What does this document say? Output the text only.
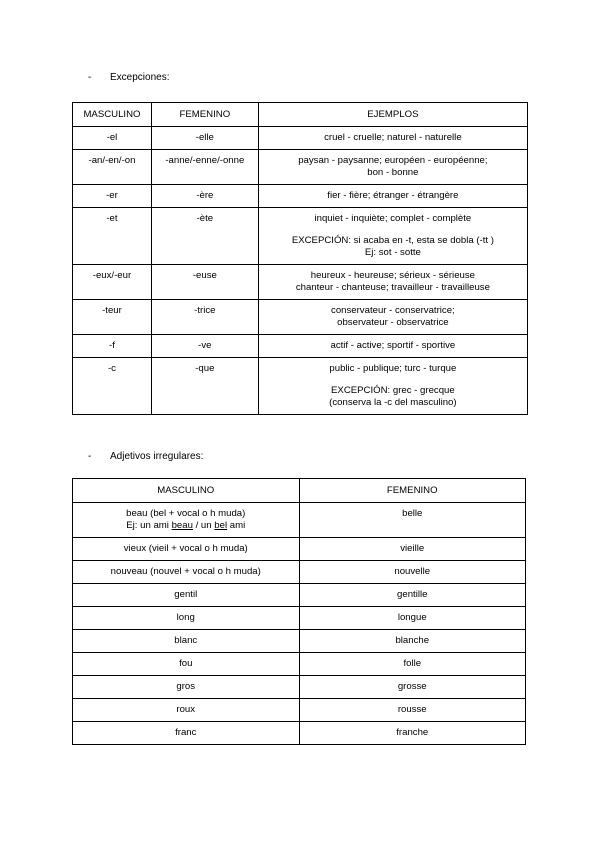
- Excepciones:
MASCULINO	FEMENINO	EJEMPLOS
-el	-elle	cruel - cruelle; naturel - naturelle
-an/-en/-on	-anne/-enne/-onne	paysan - paysanne; européen - européenne;
bon - bonne
-er	-ère	fier - fière; étranger - étrangère
-et	-ète	inquiet - inquiète; complet - complète
EXCEPCIÓN: si acaba en -t, esta se dobla (-tt )
Ej: sot - sotte
-eux/-eur	-euse	heureux - heureuse; sérieux - sérieuse
chanteur - chanteuse; travailleur - travailleuse
-teur	-trice	conservateur - conservatrice;
observateur - observatrice
-f	-ve	actif - active; sportif - sportive
-c	-que	public - publique; turc - turque
EXCEPCIÓN: grec - grecque
(conserva la -c del masculino)
- Adjetivos irregulares:
MASCULINO	FEMENINO
beau (bel + vocal o h muda)
Ej: un ami beau / un bel ami	belle
vieux (vieil + vocal o h muda)	vieille
nouveau (nouvel + vocal o h muda)	nouvelle
gentil	gentille
long	longue
blanc	blanche
fou	folle
gros	grosse
roux	rousse
franc	franche
